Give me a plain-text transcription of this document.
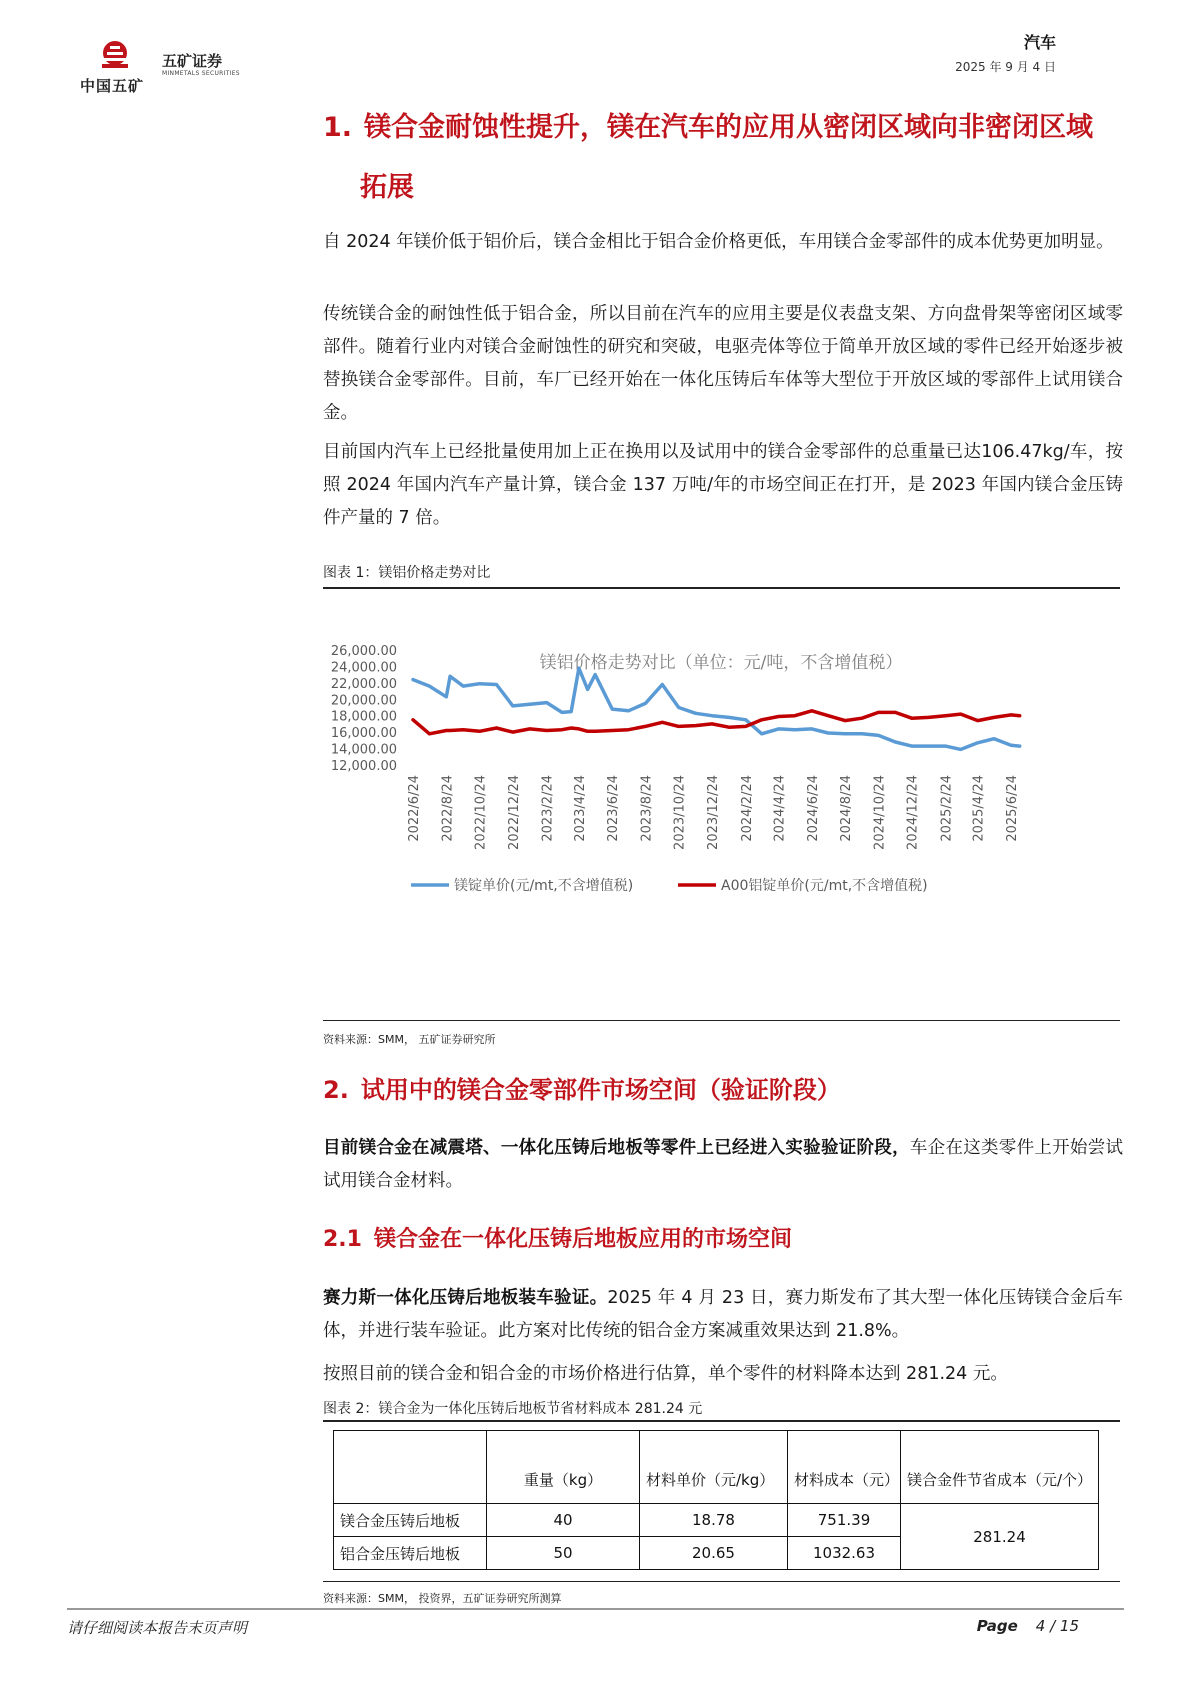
中国五矿
五矿证券
MINMETALS SECURITIES
汽车
2025 年 9 月 4 日
1. 镁合金耐蚀性提升，镁在汽车的应用从密闭区域向非密闭区域
拓展
自 2024 年镁价低于铝价后，镁合金相比于铝合金价格更低，车用镁合金零部件的成本优势更加明显。
传统镁合金的耐蚀性低于铝合金，所以目前在汽车的应用主要是仪表盘支架、方向盘骨架等密闭区域零部件。随着行业内对镁合金耐蚀性的研究和突破，电驱壳体等位于简单开放区域的零件已经开始逐步被替换镁合金零部件。目前，车厂已经开始在一体化压铸后车体等大型位于开放区域的零部件上试用镁合金。
目前国内汽车上已经批量使用加上正在换用以及试用中的镁合金零部件的总重量已达106.47kg/车，按照 2024 年国内汽车产量计算，镁合金 137 万吨/年的市场空间正在打开，是 2023 年国内镁合金压铸件产量的 7 倍。
图表 1：镁铝价格走势对比
镁铝价格走势对比（单位：元/吨，不含增值税）
26,000.00
24,000.00
22,000.00
20,000.00
18,000.00
16,000.00
14,000.00
12,000.00
2022/6/24 2022/8/24 2022/10/24 2022/12/24 2023/2/24 2023/4/24 2023/6/24 2023/8/24 2023/10/24 2023/12/24 2024/2/24 2024/4/24 2024/6/24 2024/8/24 2024/10/24 2024/12/24 2025/2/24 2025/4/24 2025/6/24
镁锭单价(元/mt,不含增值税)	A00铝锭单价(元/mt,不含增值税)
资料来源：SMM， 五矿证券研究所
2. 试用中的镁合金零部件市场空间（验证阶段）
目前镁合金在减震塔、一体化压铸后地板等零件上已经进入实验验证阶段，车企在这类零件上开始尝试试用镁合金材料。
2.1 镁合金在一体化压铸后地板应用的市场空间
赛力斯一体化压铸后地板装车验证。2025 年 4 月 23 日，赛力斯发布了其大型一体化压铸镁合金后车体，并进行装车验证。此方案对比传统的铝合金方案减重效果达到 21.8%。
按照目前的镁合金和铝合金的市场价格进行估算，单个零件的材料降本达到 281.24 元。
图表 2：镁合金为一体化压铸后地板节省材料成本 281.24 元
	重量（kg）	材料单价（元/kg）	材料成本（元）	镁合金件节省成本（元/个）
镁合金压铸后地板	40	18.78	751.39	281.24
铝合金压铸后地板	50	20.65	1032.63	
资料来源：SMM， 投资界，五矿证券研究所测算
请仔细阅读本报告末页声明	Page 4 / 15
